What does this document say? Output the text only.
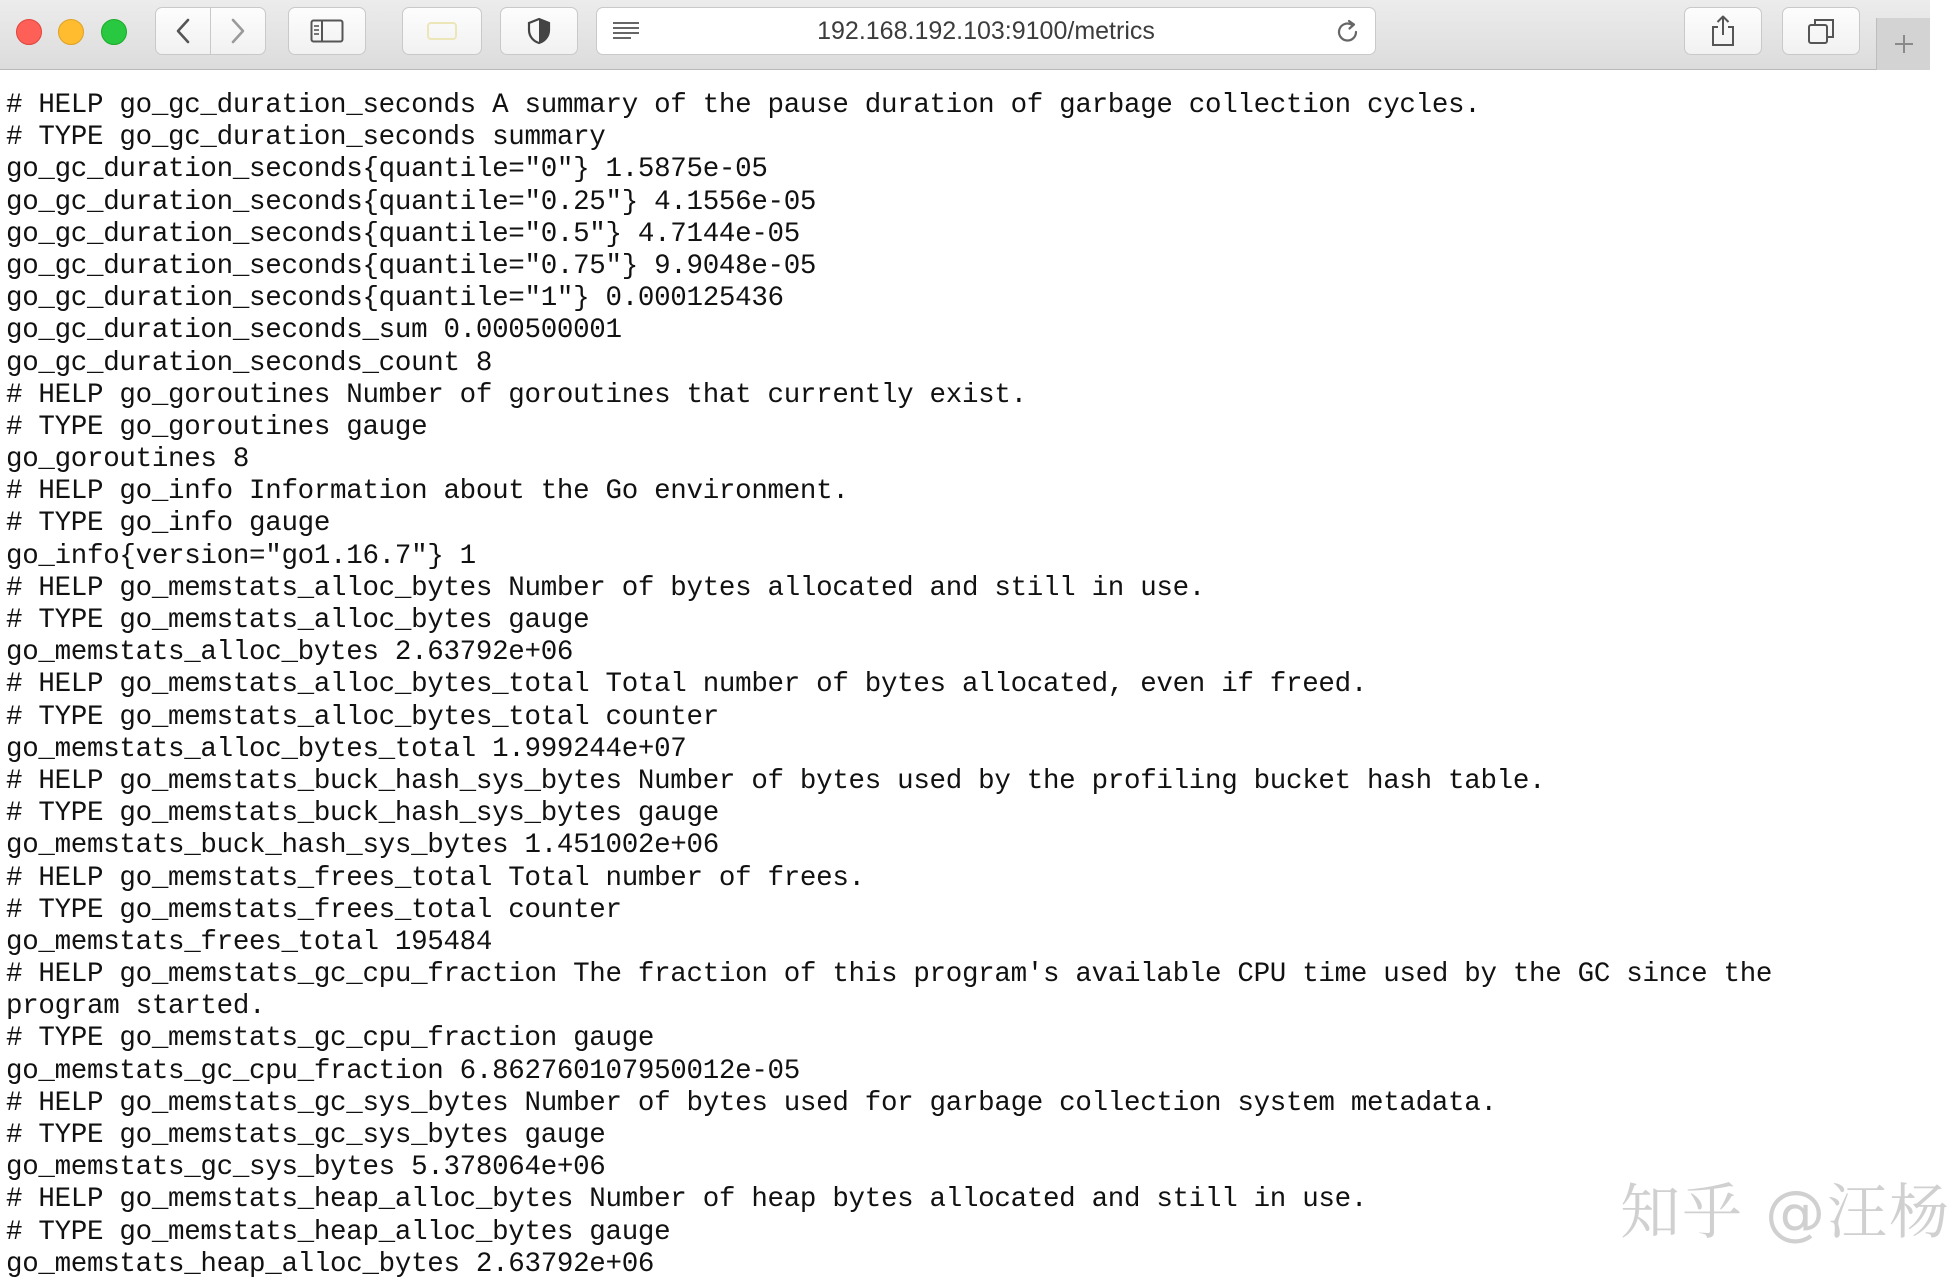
192.168.192.103:9100/metrics
# HELP go_gc_duration_seconds A summary of the pause duration of garbage collection cycles.
# TYPE go_gc_duration_seconds summary
go_gc_duration_seconds{quantile="0"} 1.5875e-05
go_gc_duration_seconds{quantile="0.25"} 4.1556e-05
go_gc_duration_seconds{quantile="0.5"} 4.7144e-05
go_gc_duration_seconds{quantile="0.75"} 9.9048e-05
go_gc_duration_seconds{quantile="1"} 0.000125436
go_gc_duration_seconds_sum 0.000500001
go_gc_duration_seconds_count 8
# HELP go_goroutines Number of goroutines that currently exist.
# TYPE go_goroutines gauge
go_goroutines 8
# HELP go_info Information about the Go environment.
# TYPE go_info gauge
go_info{version="go1.16.7"} 1
# HELP go_memstats_alloc_bytes Number of bytes allocated and still in use.
# TYPE go_memstats_alloc_bytes gauge
go_memstats_alloc_bytes 2.63792e+06
# HELP go_memstats_alloc_bytes_total Total number of bytes allocated, even if freed.
# TYPE go_memstats_alloc_bytes_total counter
go_memstats_alloc_bytes_total 1.999244e+07
# HELP go_memstats_buck_hash_sys_bytes Number of bytes used by the profiling bucket hash table.
# TYPE go_memstats_buck_hash_sys_bytes gauge
go_memstats_buck_hash_sys_bytes 1.451002e+06
# HELP go_memstats_frees_total Total number of frees.
# TYPE go_memstats_frees_total counter
go_memstats_frees_total 195484
# HELP go_memstats_gc_cpu_fraction The fraction of this program's available CPU time used by the GC since the
program started.
# TYPE go_memstats_gc_cpu_fraction gauge
go_memstats_gc_cpu_fraction 6.862760107950012e-05
# HELP go_memstats_gc_sys_bytes Number of bytes used for garbage collection system metadata.
# TYPE go_memstats_gc_sys_bytes gauge
go_memstats_gc_sys_bytes 5.378064e+06
# HELP go_memstats_heap_alloc_bytes Number of heap bytes allocated and still in use.
# TYPE go_memstats_heap_alloc_bytes gauge
go_memstats_heap_alloc_bytes 2.63792e+06
知乎 @汪杨
